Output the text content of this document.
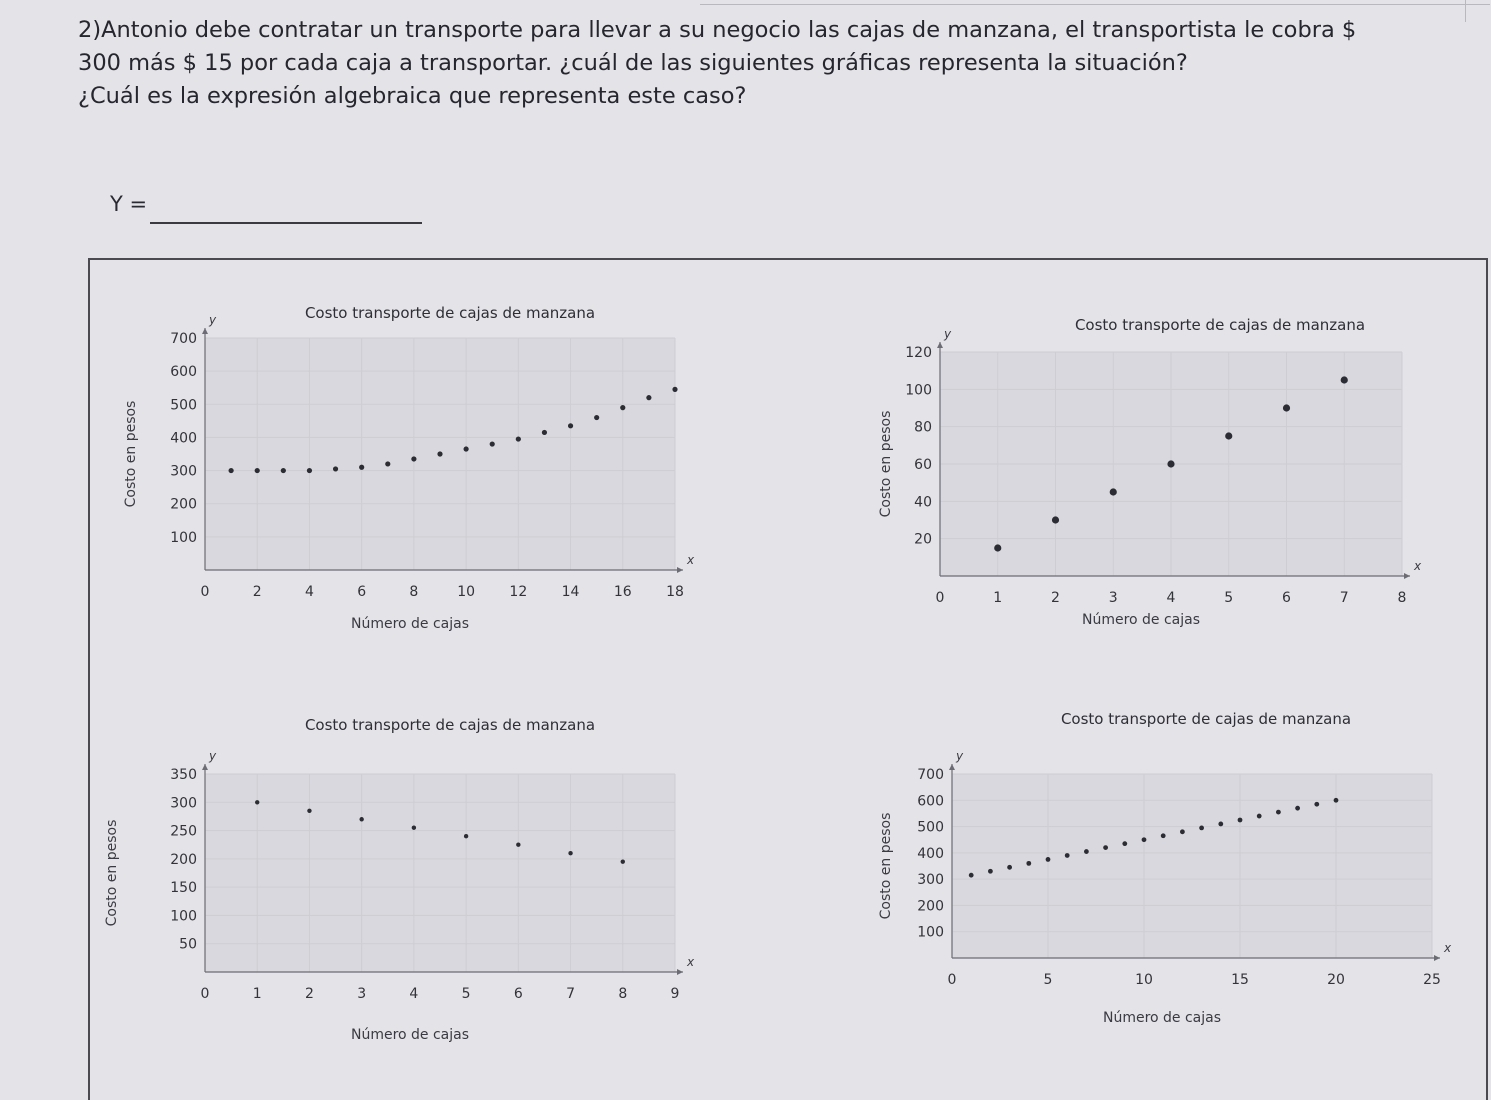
2)Antonio debe contratar un transporte para llevar a su negocio las cajas de manzana, el transportista le cobra $

300 más $ 15 por cada caja a transportar. ¿cuál de las siguientes gráficas representa la situación?

¿Cuál es la expresión algebraica que representa este caso?

Y =
Costo transporte de cajas de manzana
x
y
0	2	4	6	8	10 12 14 16 18
100
200
300
400
500
600
700
Número de cajas
Costo en pesos
Costo transporte de cajas de manzana
x
y
0	1	2	3	4	5	6	7	8
20
40
60
80
100
120
Número de cajas
Costo en pesos
Costo transporte de cajas de manzana
x
y
0	1	2	3	4	5	6	7	8	9
50
100
150
200
250
300
350
Número de cajas
Costo en pesos
Costo transporte de cajas de manzana
x
y
0	5	10	15	20	25
100
200
300
400
500
600
700
Número de cajas
Costo en pesos
